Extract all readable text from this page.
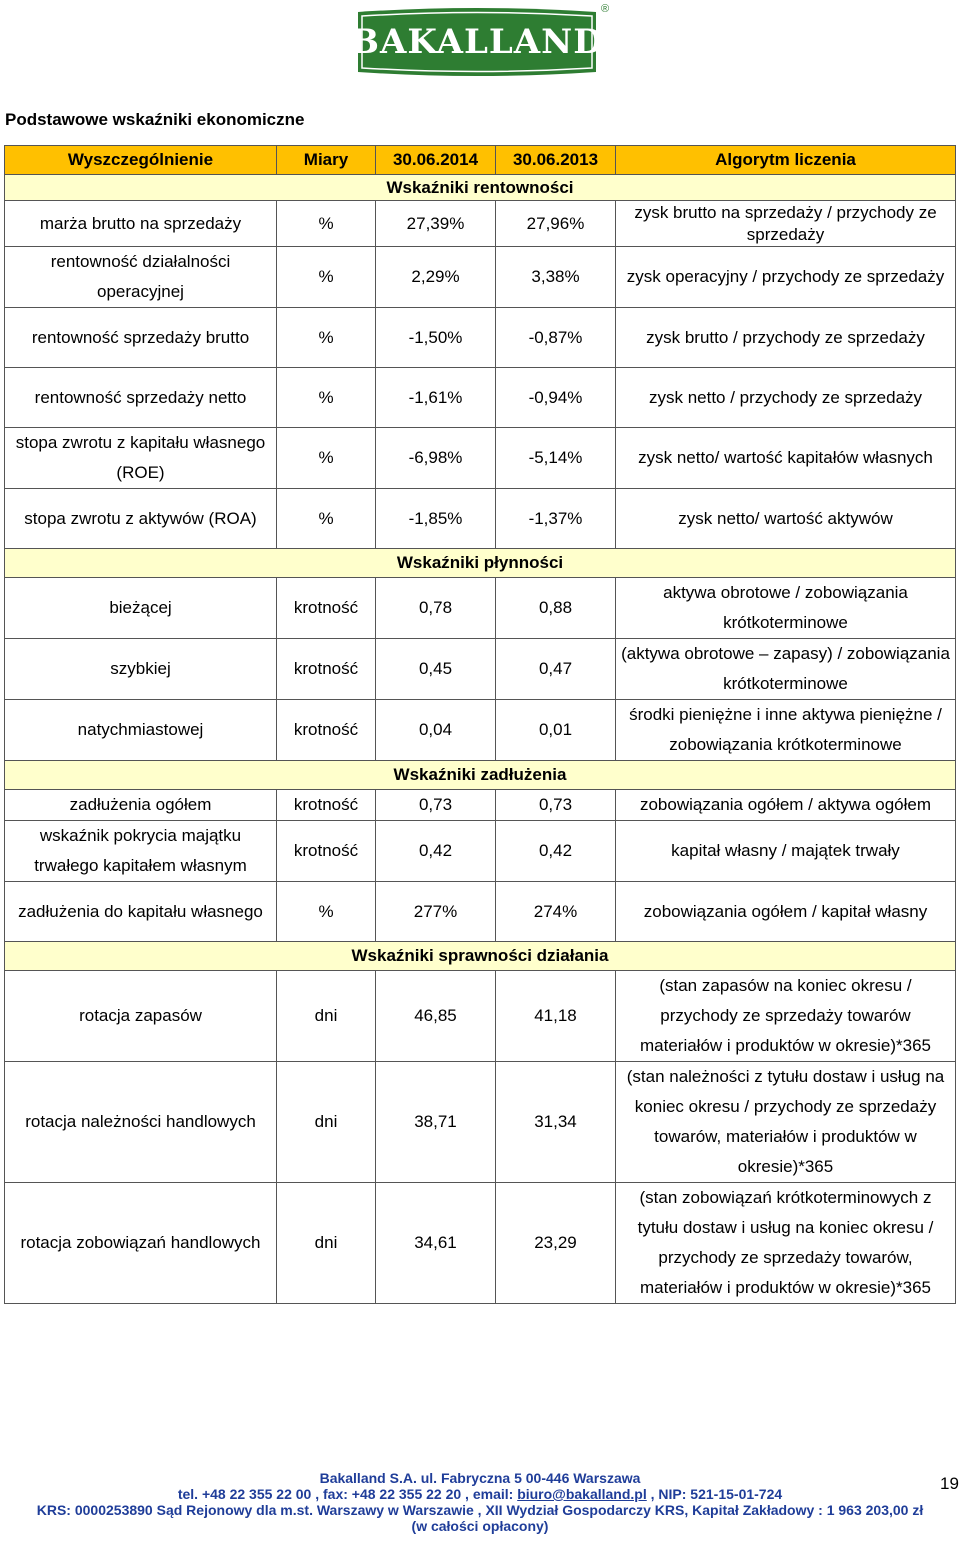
BAKALLAND
®
Podstawowe wskaźniki ekonomiczne
Wyszczególnienie	Miary	30.06.2014	30.06.2013	Algorytm liczenia
Wskaźniki rentowności				
marża brutto na sprzedaży	%	27,39%	27,96%	zysk brutto na sprzedaży / przychody ze sprzedaży
rentowność działalności operacyjnej	%	2,29%	3,38%	zysk operacyjny / przychody ze sprzedaży
rentowność sprzedaży brutto	%	-1,50%	-0,87%	zysk brutto / przychody ze sprzedaży
rentowność sprzedaży netto	%	-1,61%	-0,94%	zysk netto / przychody ze sprzedaży
stopa zwrotu z kapitału własnego (ROE)	%	-6,98%	-5,14%	zysk netto/ wartość kapitałów własnych
stopa zwrotu z aktywów (ROA)	%	-1,85%	-1,37%	zysk netto/ wartość aktywów
Wskaźniki płynności				
bieżącej	krotność	0,78	0,88	aktywa obrotowe / zobowiązania krótkoterminowe
szybkiej	krotność	0,45	0,47	(aktywa obrotowe – zapasy) / zobowiązania krótkoterminowe
natychmiastowej	krotność	0,04	0,01	środki pieniężne i inne aktywa pieniężne / zobowiązania krótkoterminowe
Wskaźniki zadłużenia				
zadłużenia ogółem	krotność	0,73	0,73	zobowiązania ogółem / aktywa ogółem
wskaźnik pokrycia majątku trwałego kapitałem własnym	krotność	0,42	0,42	kapitał własny / majątek trwały
zadłużenia do kapitału własnego	%	277%	274%	zobowiązania ogółem / kapitał własny
Wskaźniki sprawności działania				
rotacja zapasów	dni	46,85	41,18	(stan zapasów na koniec okresu / przychody ze sprzedaży towarów materiałów i produktów w okresie)*365
rotacja należności handlowych	dni	38,71	31,34	(stan należności z tytułu dostaw i usług na koniec okresu / przychody ze sprzedaży towarów, materiałów i produktów w okresie)*365
rotacja zobowiązań handlowych	dni	34,61	23,29	(stan zobowiązań krótkoterminowych z tytułu dostaw i usług na koniec okresu / przychody ze sprzedaży towarów, materiałów i produktów w okresie)*365
Bakalland S.A. ul. Fabryczna 5 00-446 Warszawa
tel. +48 22 355 22 00 , fax: +48 22 355 22 20 , email: biuro@bakalland.pl , NIP: 521-15-01-724
KRS: 0000253890 Sąd Rejonowy dla m.st. Warszawy w Warszawie , XII Wydział Gospodarczy KRS, Kapitał Zakładowy : 1 963 203,00 zł
(w całości opłacony)
19
